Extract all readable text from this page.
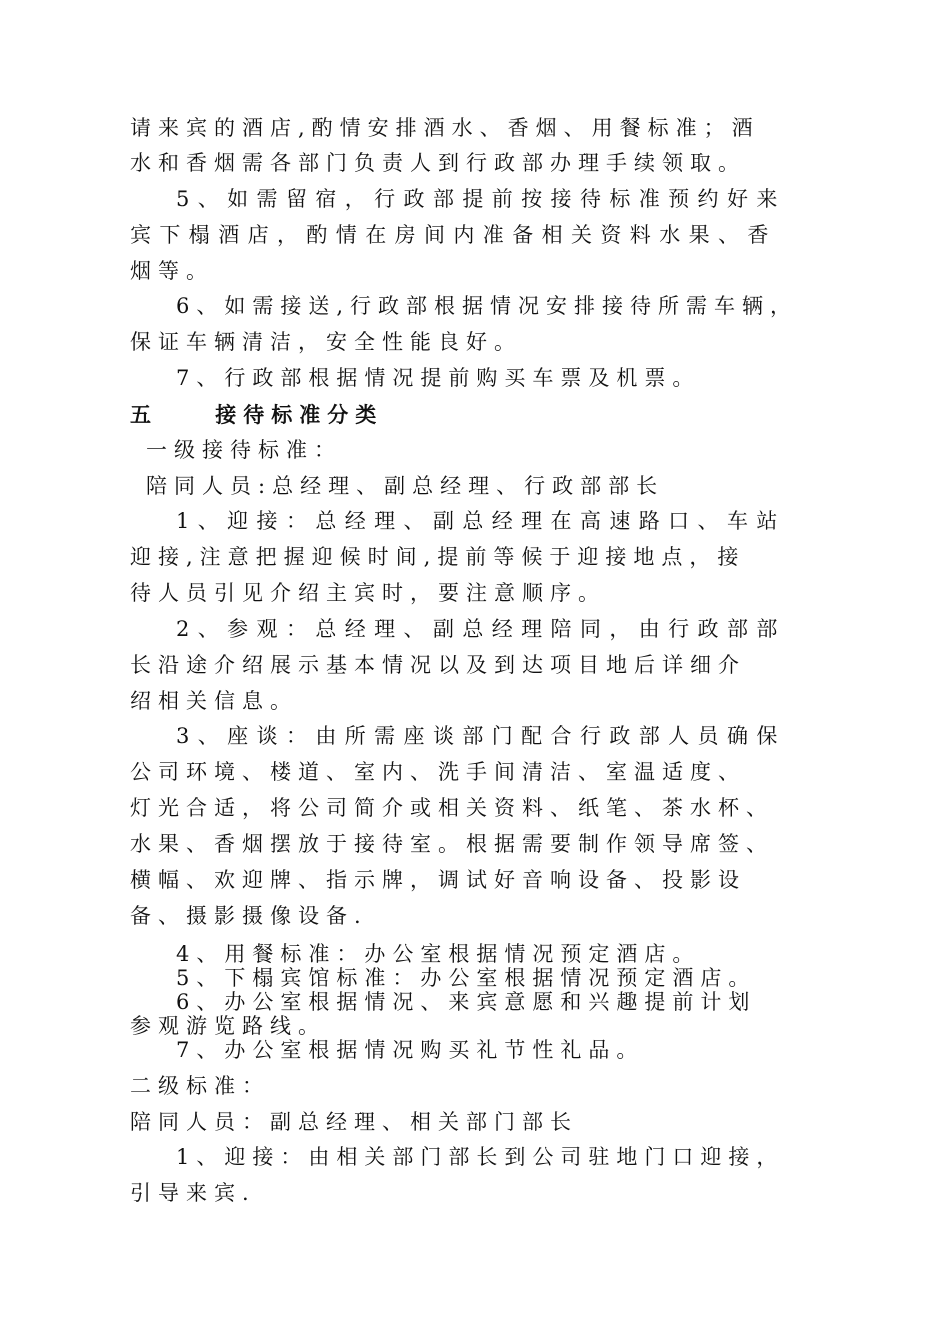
请来宾的酒店,酌情安排酒水、香烟、用餐标准；酒
水和香烟需各部门负责人到行政部办理手续领取。
5、如需留宿，行政部提前按接待标准预约好来
宾下榻酒店，酌情在房间内准备相关资料水果、香
烟等。
6、如需接送,行政部根据情况安排接待所需车辆，
保证车辆清洁，安全性能良好。
7、行政部根据情况提前购买车票及机票。
五    接待标准分类
一级接待标准：
陪同人员:总经理、副总经理、行政部部长
1、迎接：总经理、副总经理在高速路口、车站
迎接,注意把握迎候时间,提前等候于迎接地点，接
待人员引见介绍主宾时，要注意顺序。
2、参观：总经理、副总经理陪同，由行政部部
长沿途介绍展示基本情况以及到达项目地后详细介
绍相关信息。
3、座谈：由所需座谈部门配合行政部人员确保
公司环境、楼道、室内、洗手间清洁、室温适度、
灯光合适，将公司简介或相关资料、纸笔、茶水杯、
水果、香烟摆放于接待室。根据需要制作领导席签、
横幅、欢迎牌、指示牌，调试好音响设备、投影设
备、摄影摄像设备.
4、用餐标准：办公室根据情况预定酒店。
5、下榻宾馆标准：办公室根据情况预定酒店。
6、办公室根据情况、来宾意愿和兴趣提前计划
参观游览路线。
7、办公室根据情况购买礼节性礼品。
二级标准：
陪同人员：副总经理、相关部门部长
1、迎接：由相关部门部长到公司驻地门口迎接，
引导来宾.
